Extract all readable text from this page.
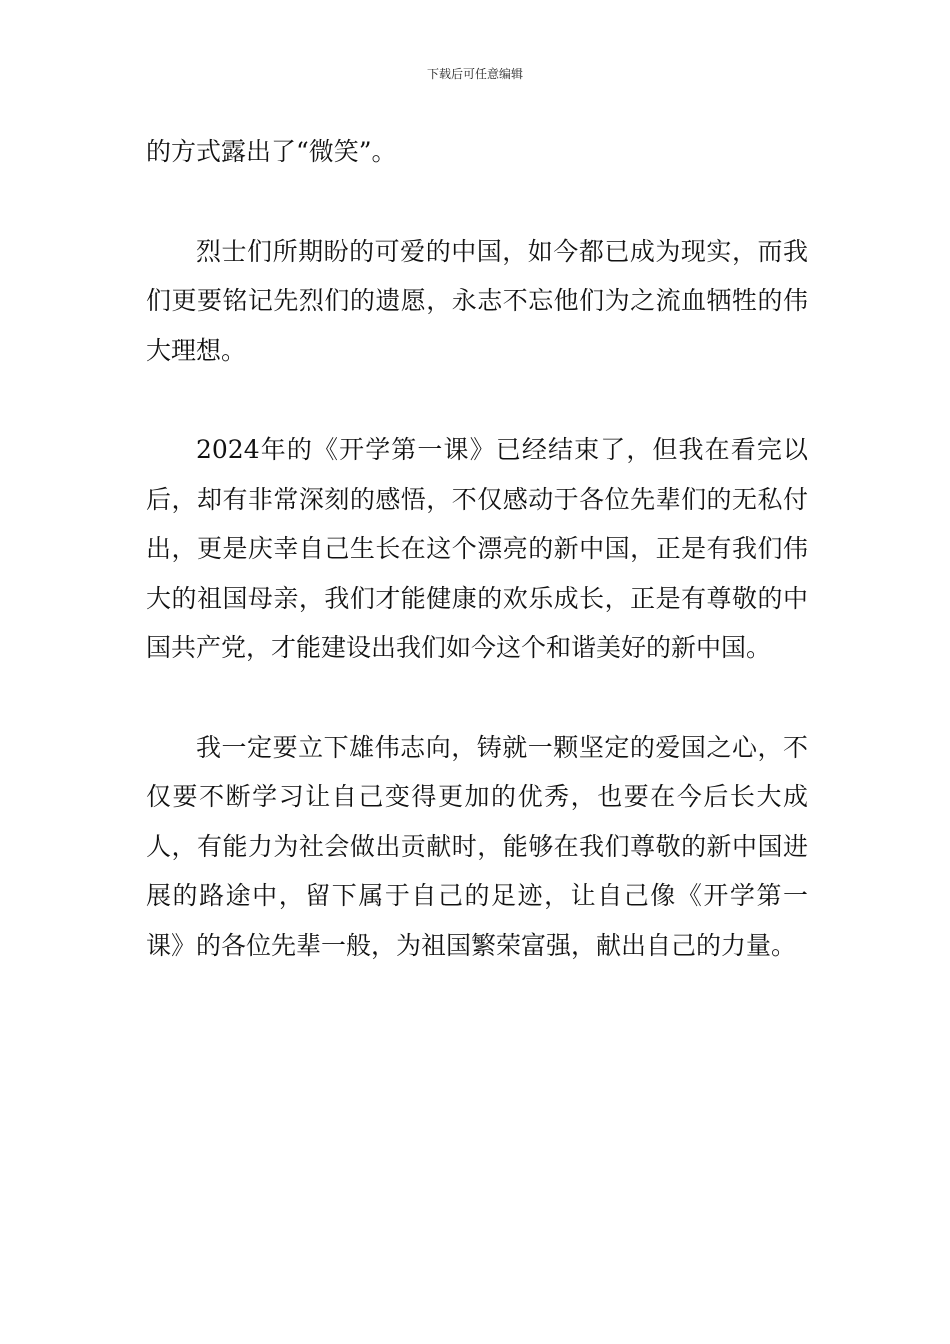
下载后可任意编辑

的方式露出了“微笑”。

烈士们所期盼的可爱的中国，如今都已成为现实，而我们更要铭记先烈们的遗愿，永志不忘他们为之流血牺牲的伟大理想。

2024年的《开学第一课》已经结束了，但我在看完以后，却有非常深刻的感悟，不仅感动于各位先辈们的无私付出，更是庆幸自己生长在这个漂亮的新中国，正是有我们伟大的祖国母亲，我们才能健康的欢乐成长，正是有尊敬的中国共产党，才能建设出我们如今这个和谐美好的新中国。

我一定要立下雄伟志向，铸就一颗坚定的爱国之心，不仅要不断学习让自己变得更加的优秀，也要在今后长大成人，有能力为社会做出贡献时，能够在我们尊敬的新中国进展的路途中，留下属于自己的足迹，让自己像《开学第一课》的各位先辈一般，为祖国繁荣富强，献出自己的力量。
